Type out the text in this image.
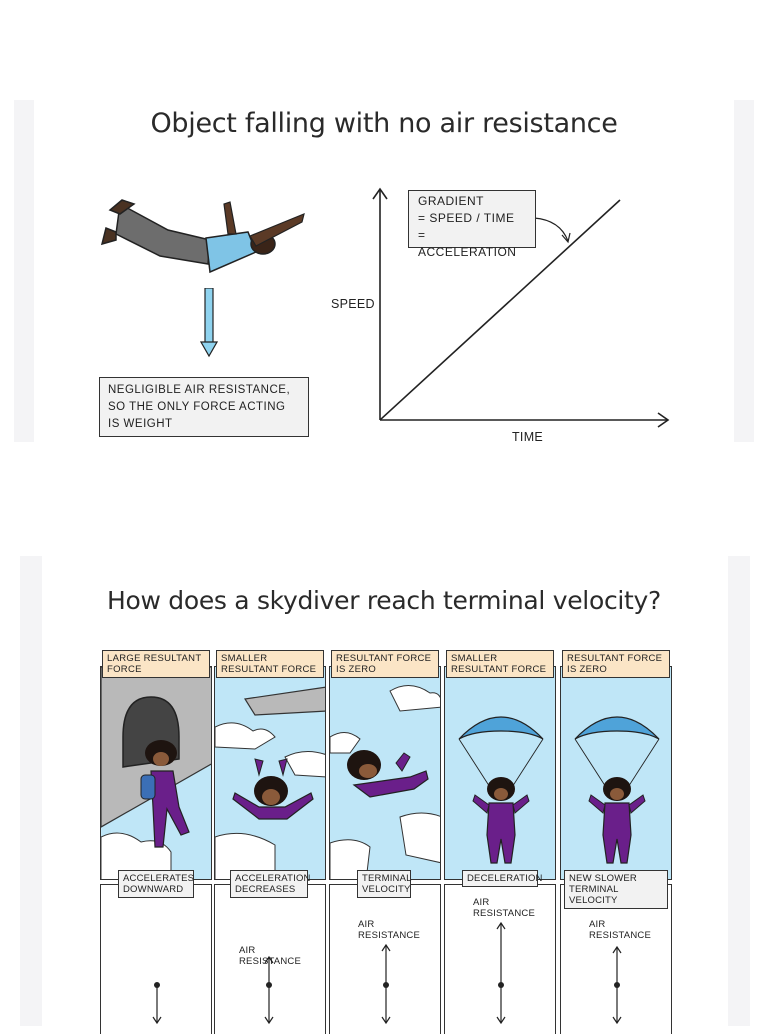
Object falling with no air resistance
NEGLIGIBLE AIR RESISTANCE, SO THE ONLY FORCE ACTING IS WEIGHT
GRADIENT
= SPEED / TIME
= ACCELERATION
SPEED
TIME
How does a skydiver reach terminal velocity?
LARGE RESULTANT FORCE
ACCELERATES DOWNWARD
SMALLER RESULTANT FORCE
AIR RESISTANCE
ACCELERATION DECREASES
RESULTANT FORCE IS ZERO
AIR RESISTANCE
TERMINAL VELOCITY
SMALLER RESULTANT FORCE
AIR RESISTANCE
DECELERATION
RESULTANT FORCE IS ZERO
AIR RESISTANCE
NEW SLOWER TERMINAL VELOCITY
